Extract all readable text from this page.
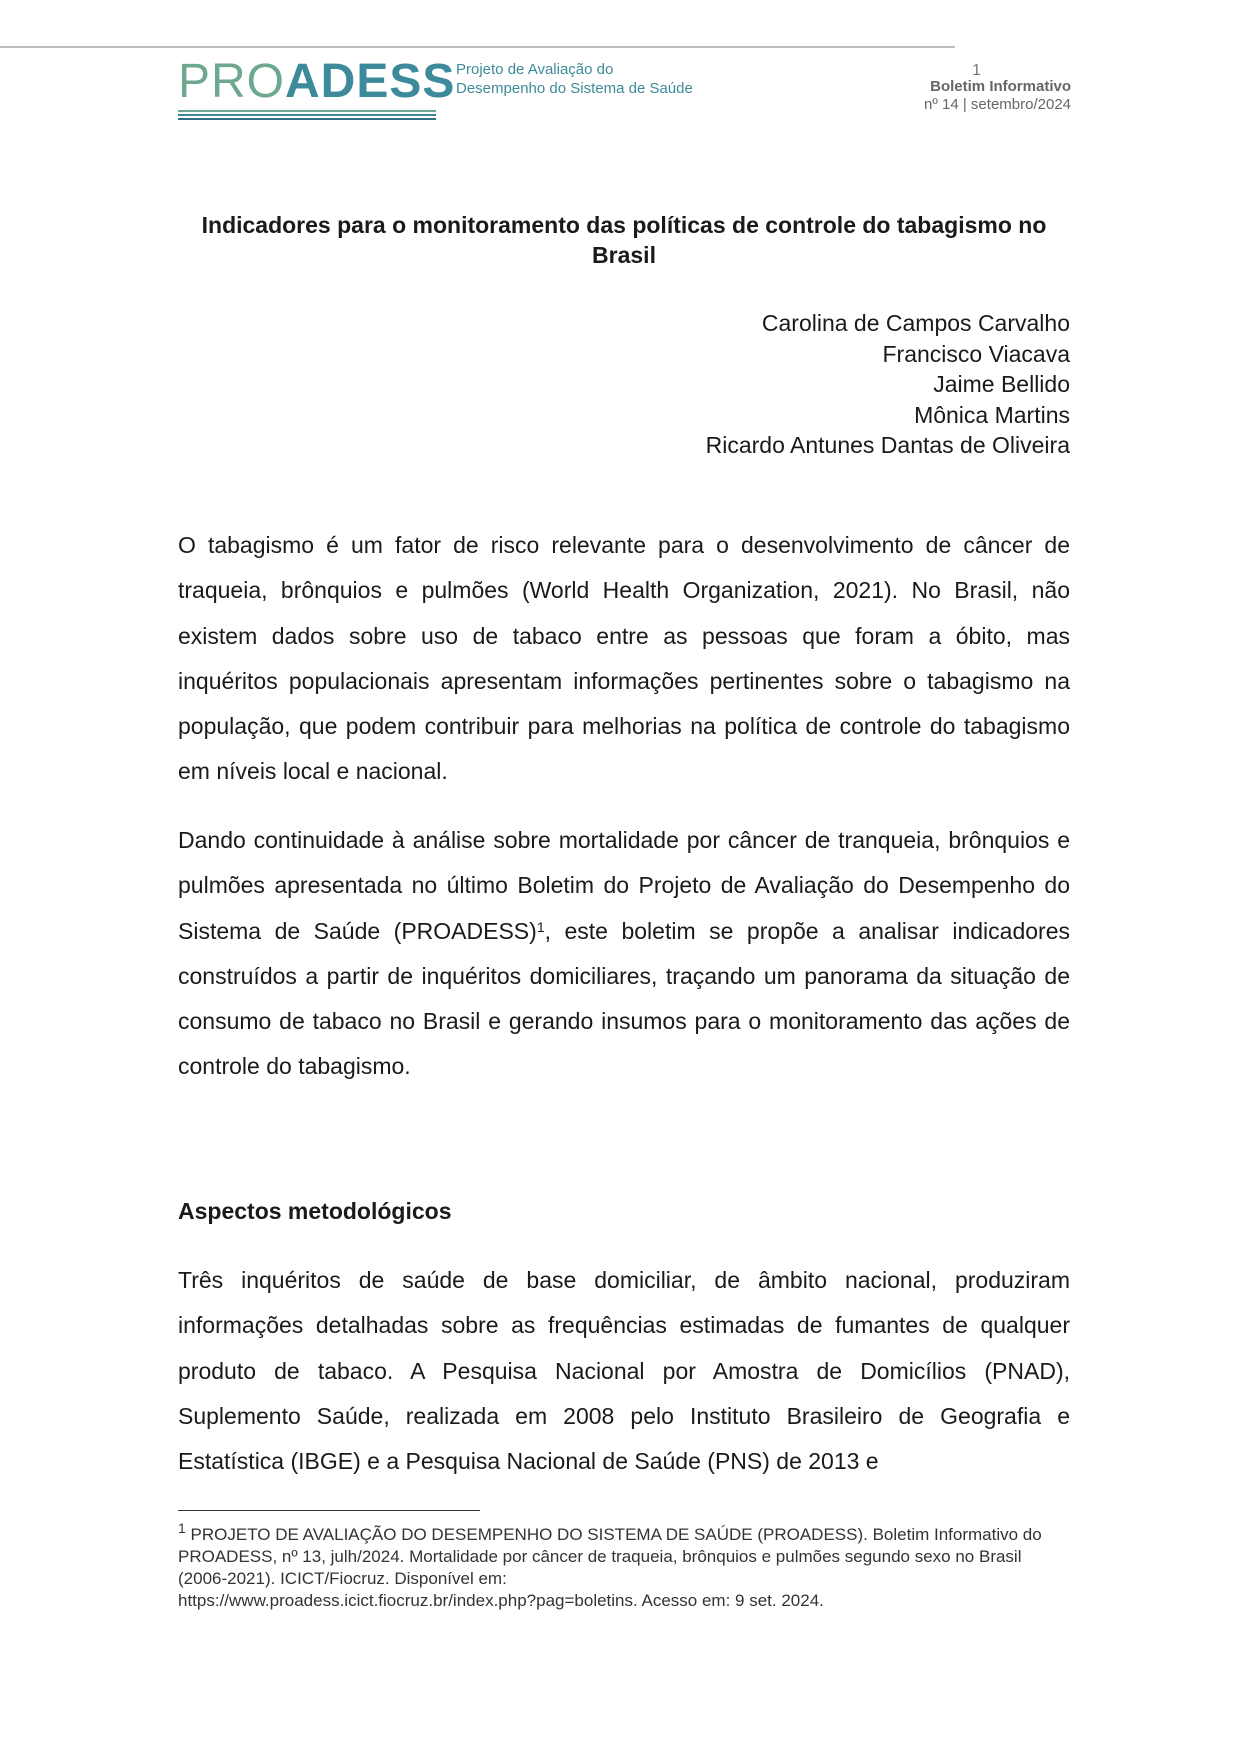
PROADESS Projeto de Avaliação do
Desempenho do Sistema de Saúde
1
Boletim Informativo
nº 14 | setembro/2024
Indicadores para o monitoramento das políticas de controle do tabagismo no Brasil
Carolina de Campos Carvalho
Francisco Viacava
Jaime Bellido
Mônica Martins
Ricardo Antunes Dantas de Oliveira

O tabagismo é um fator de risco relevante para o desenvolvimento de câncer de traqueia, brônquios e pulmões (World Health Organization, 2021). No Brasil, não existem dados sobre uso de tabaco entre as pessoas que foram a óbito, mas inquéritos populacionais apresentam informações pertinentes sobre o tabagismo na população, que podem contribuir para melhorias na política de controle do tabagismo em níveis local e nacional.

Dando continuidade à análise sobre mortalidade por câncer de tranqueia, brônquios e pulmões apresentada no último Boletim do Projeto de Avaliação do Desempenho do Sistema de Saúde (PROADESS)$^1$, este boletim se propõe a analisar indicadores construídos a partir de inquéritos domiciliares, traçando um panorama da situação de consumo de tabaco no Brasil e gerando insumos para o monitoramento das ações de controle do tabagismo.

Aspectos metodológicos

Três inquéritos de saúde de base domiciliar, de âmbito nacional, produziram informações detalhadas sobre as frequências estimadas de fumantes de qualquer produto de tabaco. A Pesquisa Nacional por Amostra de Domicílios (PNAD), Suplemento Saúde, realizada em 2008 pelo Instituto Brasileiro de Geografia e Estatística (IBGE) e a Pesquisa Nacional de Saúde (PNS) de 2013 e

$^1$ PROJETO DE AVALIAÇÃO DO DESEMPENHO DO SISTEMA DE SAÚDE (PROADESS). Boletim Informativo do PROADESS, nº 13, julh/2024. Mortalidade por câncer de traqueia, brônquios e pulmões segundo sexo no Brasil (2006-2021). ICICT/Fiocruz. Disponível em:
https://www.proadess.icict.fiocruz.br/index.php?pag=boletins. Acesso em: 9 set. 2024.
